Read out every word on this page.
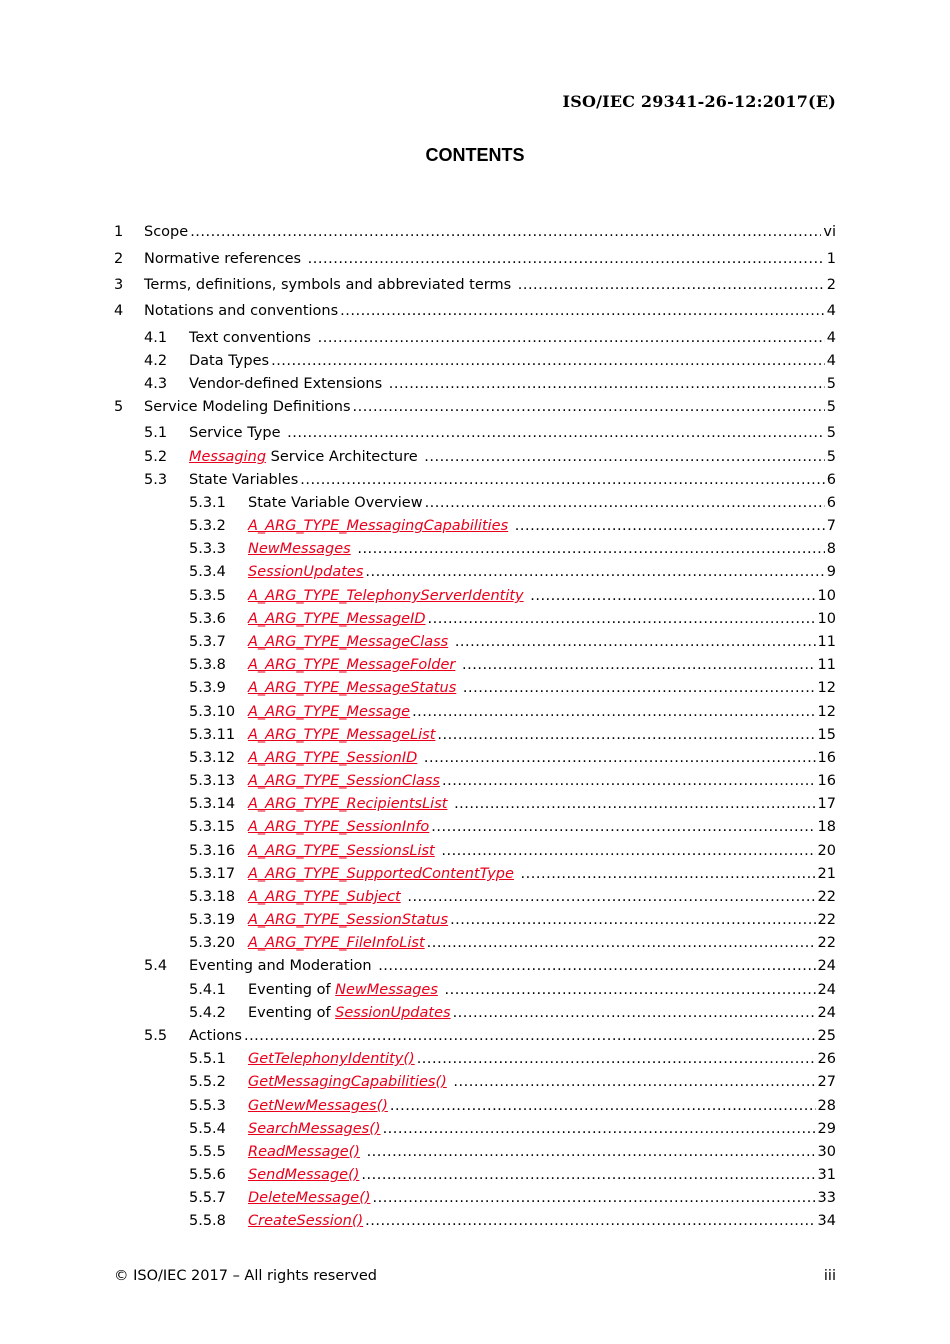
ISO/IEC 29341-26-12:2017(E)
CONTENTS
1	Scope .....	vi
2	Normative references .....	1
3	Terms, definitions, symbols and abbreviated terms .....	2
4	Notations and conventions .....	4
4.1	Text conventions .....	4
4.2	Data Types .....	4
4.3	Vendor-defined Extensions .....	5
5	Service Modeling Definitions .....	5
5.1	Service Type .....	5
5.2	Messaging Service Architecture .....	5
5.3	State Variables .....	6
5.3.1	State Variable Overview .....	6
5.3.2	A_ARG_TYPE_MessagingCapabilities .....	7
5.3.3	NewMessages .....	8
5.3.4	SessionUpdates .....	9
5.3.5	A_ARG_TYPE_TelephonyServerIdentity .....	10
5.3.6	A_ARG_TYPE_MessageID .....	10
5.3.7	A_ARG_TYPE_MessageClass .....	11
5.3.8	A_ARG_TYPE_MessageFolder .....	11
5.3.9	A_ARG_TYPE_MessageStatus .....	12
5.3.10 A_ARG_TYPE_Message .....	12
5.3.11 A_ARG_TYPE_MessageList .....	15
5.3.12 A_ARG_TYPE_SessionID .....	16
5.3.13 A_ARG_TYPE_SessionClass .....	16
5.3.14 A_ARG_TYPE_RecipientsList .....	17
5.3.15 A_ARG_TYPE_SessionInfo .....	18
5.3.16 A_ARG_TYPE_SessionsList .....	20
5.3.17 A_ARG_TYPE_SupportedContentType .....	21
5.3.18 A_ARG_TYPE_Subject .....	22
5.3.19 A_ARG_TYPE_SessionStatus .....	22
5.3.20 A_ARG_TYPE_FileInfoList .....	22
5.4	Eventing and Moderation .....	24
5.4.1	Eventing of NewMessages .....	24
5.4.2	Eventing of SessionUpdates .....	24
5.5	Actions .....	25
5.5.1	GetTelephonyIdentity() .....	26
5.5.2	GetMessagingCapabilities() .....	27
5.5.3	GetNewMessages() .....	28
5.5.4	SearchMessages() .....	29
5.5.5	ReadMessage() .....	30
5.5.6	SendMessage() .....	31
5.5.7	DeleteMessage() .....	33
5.5.8	CreateSession() .....	34
© ISO/IEC 2017 – All rights reserved	iii
